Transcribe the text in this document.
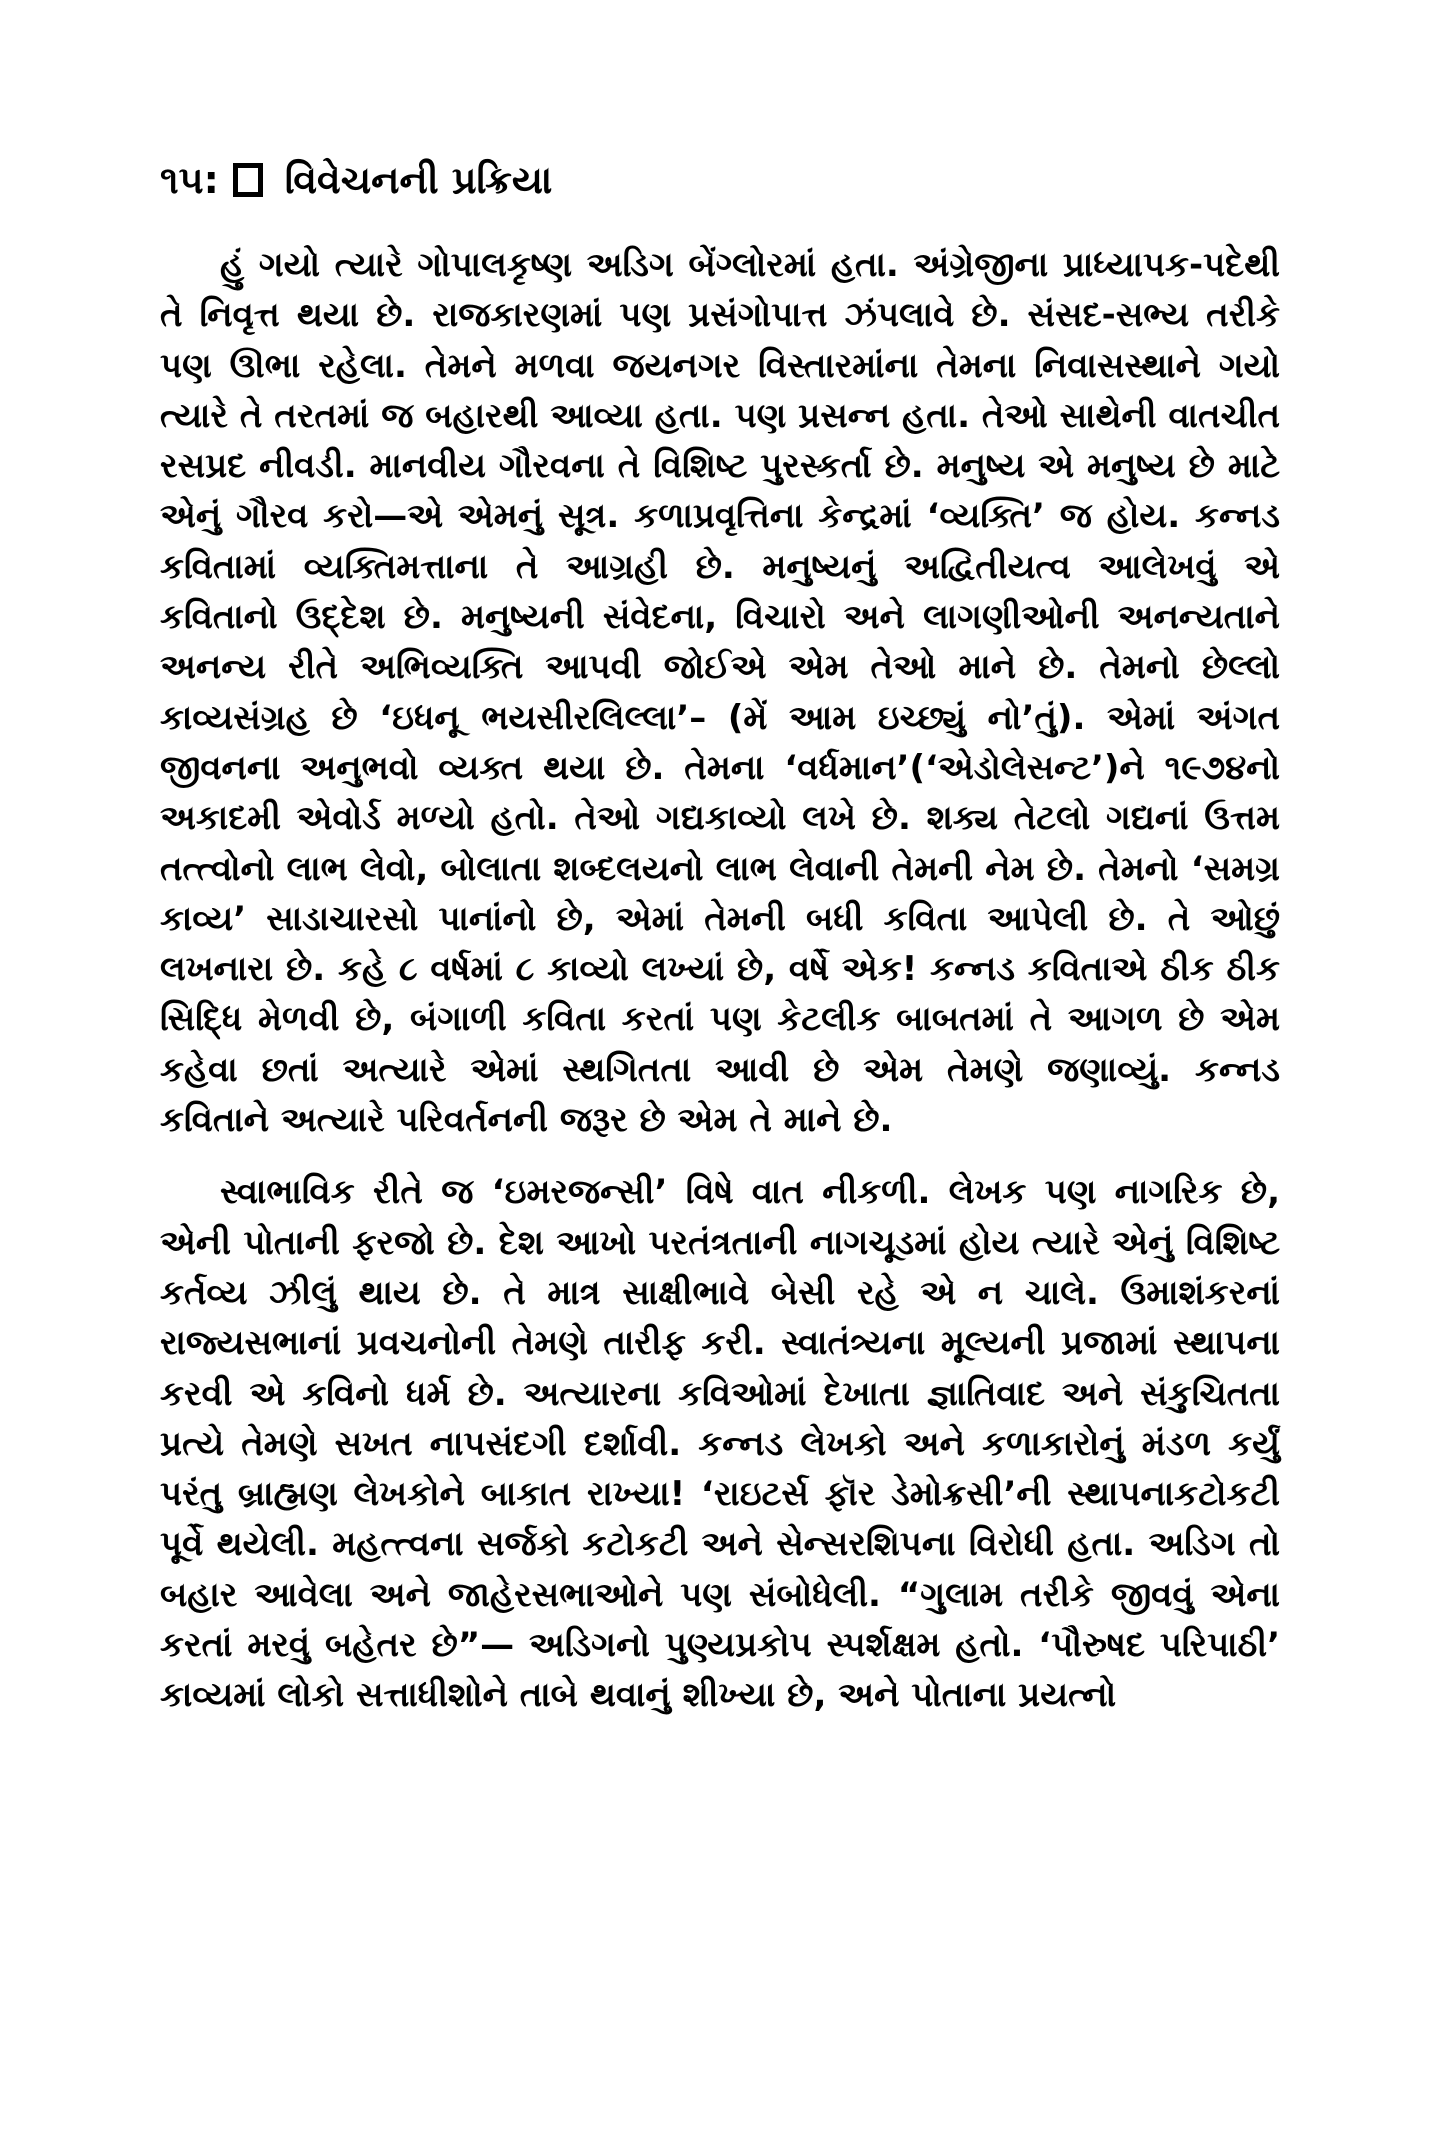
૧૫: વિવેચનની પ્રક્રિયા

હું ગયો ત્યારે ગોપાલકૃષ્ણ અડિગ બેંગ્લોરમાં હતા. અંગ્રેજીના પ્રાધ્યાપક-પદેથી તે નિવૃત્ત થયા છે. રાજકારણમાં પણ પ્રસંગોપાત્ત ઝંપલાવે છે. સંસદ-સભ્ય તરીકે પણ ઊભા રહેલા. તેમને મળવા જયનગર વિસ્તારમાંના તેમના નિવાસસ્થાને ગયો ત્યારે તે તરતમાં જ બહારથી આવ્યા હતા. પણ પ્રસન્ન હતા. તેઓ સાથેની વાતચીત રસપ્રદ નીવડી. માનવીય ગૌરવના તે વિશિષ્ટ પુરસ્કર્તા છે. મનુષ્ય એ મનુષ્ય છે માટે એનું ગૌરવ કરો—એ એમનું સૂત્ર. કળાપ્રવૃત્તિના કેન્દ્રમાં ‘વ્યક્તિ’ જ હોય. કન્નડ કવિતામાં વ્યક્તિમત્તાના તે આગ્રહી છે. મનુષ્યનું અદ્વિતીયત્વ આલેખવું એ કવિતાનો ઉદ્દેશ છે. મનુષ્યની સંવેદના, વિચારો અને લાગણીઓની અનન્યતાને અનન્ય રીતે અભિવ્યક્તિ આપવી જોઈએ એમ તેઓ માને છે. તેમનો છેલ્લો કાવ્યસંગ્રહ છે ‘ઇધનૂ ભયસીરલિલ્લા’– (મેં આમ ઇચ્છ્યું નો’તું). એમાં અંગત જીવનના અનુભવો વ્યક્ત થયા છે. તેમના ‘વર્ધમાન’(‘એડોલેસન્ટ’)ને ૧૯૭૪નો અકાદમી એવોર્ડ મળ્યો હતો. તેઓ ગદ્યકાવ્યો લખે છે. શક્ય તેટલો ગદ્યનાં ઉત્તમ તત્ત્વોનો લાભ લેવો, બોલાતા શબ્દલયનો લાભ લેવાની તેમની નેમ છે. તેમનો ‘સમગ્ર કાવ્ય’ સાડાચારસો પાનાંનો છે, એમાં તેમની બધી કવિતા આપેલી છે. તે ઓછું લખનારા છે. કહે ૮ વર્ષમાં ૮ કાવ્યો લખ્યાં છે, વર્ષે એક! કન્નડ કવિતાએ ઠીક ઠીક સિદ્ધિ મેળવી છે, બંગાળી કવિતા કરતાં પણ કેટલીક બાબતમાં તે આગળ છે એમ કહેવા છતાં અત્યારે એમાં સ્થગિતતા આવી છે એમ તેમણે જણાવ્યું. કન્નડ કવિતાને અત્યારે પરિવર્તનની જરૂર છે એમ તે માને છે.

સ્વાભાવિક રીતે જ ‘ઇમરજન્સી’ વિષે વાત નીકળી. લેખક પણ નાગરિક છે, એની પોતાની ફરજો છે. દેશ આખો પરતંત્રતાની નાગચૂડમાં હોય ત્યારે એનું વિશિષ્ટ કર્તવ્ય ઝીલું થાય છે. તે માત્ર સાક્ષીભાવે બેસી રહે એ ન ચાલે. ઉમાશંકરનાં રાજ્યસભાનાં પ્રવચનોની તેમણે તારીફ કરી. સ્વાતંત્ર્યના મૂલ્યની પ્રજામાં સ્થાપના કરવી એ કવિનો ધર્મ છે. અત્યારના કવિઓમાં દેખાતા જ્ઞાતિવાદ અને સંકુચિતતા પ્રત્યે તેમણે સખત નાપસંદગી દર્શાવી. કન્નડ લેખકો અને કળાકારોનું મંડળ કર્યું પરંતુ બ્રાહ્મણ લેખકોને બાકાત રાખ્યા! ‘રાઇટર્સ ફૉર ડેમોક્રસી’ની સ્થાપનાકટોકટી પૂર્વે થયેલી. મહત્ત્વના સર્જકો કટોકટી અને સેન્સરશિપના વિરોધી હતા. અડિગ તો બહાર આવેલા અને જાહેરસભાઓને પણ સંબોધેલી. “ગુલામ તરીકે જીવવું એના કરતાં મરવું બહેતર છે”— અડિગનો પુણ્યપ્રકોપ સ્પર્શક્ષમ હતો. ‘પૌરુષદ પરિપાઠી’ કાવ્યમાં લોકો સત્તાધીશોને તાબે થવાનું શીખ્યા છે, અને પોતાના પ્રયત્નો
